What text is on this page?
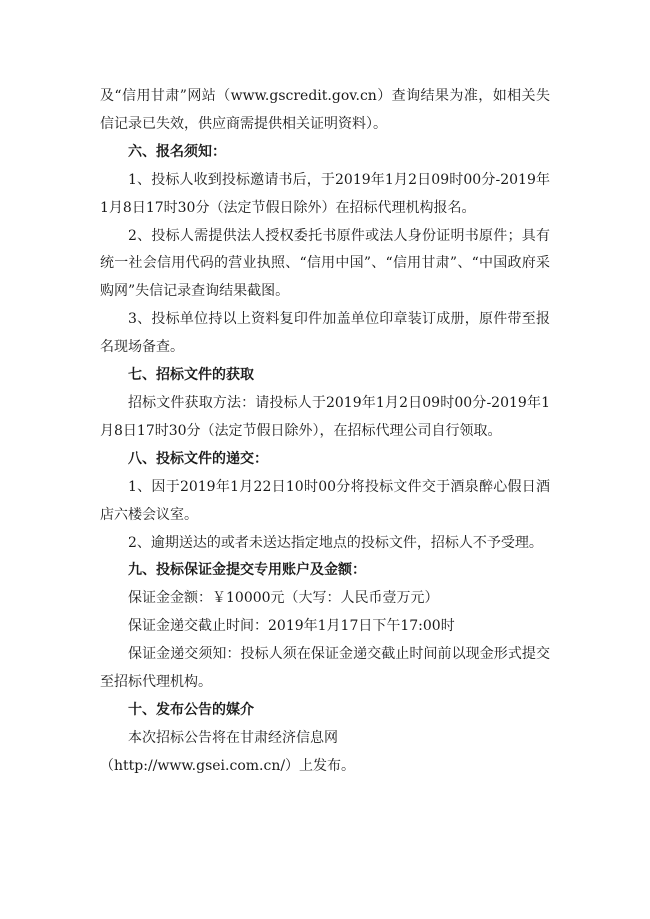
及“信用甘肃”网站（www.gscredit.gov.cn）查询结果为准，如相关失信记录已失效，供应商需提供相关证明资料）。

六、报名须知：

1、投标人收到投标邀请书后，于2019年1月2日09时00分-2019年1月8日17时30分（法定节假日除外）在招标代理机构报名。

2、投标人需提供法人授权委托书原件或法人身份证明书原件；具有统一社会信用代码的营业执照、“信用中国”、“信用甘肃”、“中国政府采购网”失信记录查询结果截图。

3、投标单位持以上资料复印件加盖单位印章装订成册，原件带至报名现场备查。

七、招标文件的获取

招标文件获取方法：请投标人于2019年1月2日09时00分-2019年1月8日17时30分（法定节假日除外），在招标代理公司自行领取。

八、投标文件的递交：

1、因于2019年1月22日10时00分将投标文件交于酒泉醉心假日酒店六楼会议室。

2、逾期送达的或者未送达指定地点的投标文件，招标人不予受理。

九、投标保证金提交专用账户及金额：

保证金金额：￥10000元（大写：人民币壹万元）

保证金递交截止时间：2019年1月17日下午17:00时

保证金递交须知：投标人须在保证金递交截止时间前以现金形式提交至招标代理机构。

十、发布公告的媒介

本次招标公告将在甘肃经济信息网

（http://www.gsei.com.cn/）上发布。
